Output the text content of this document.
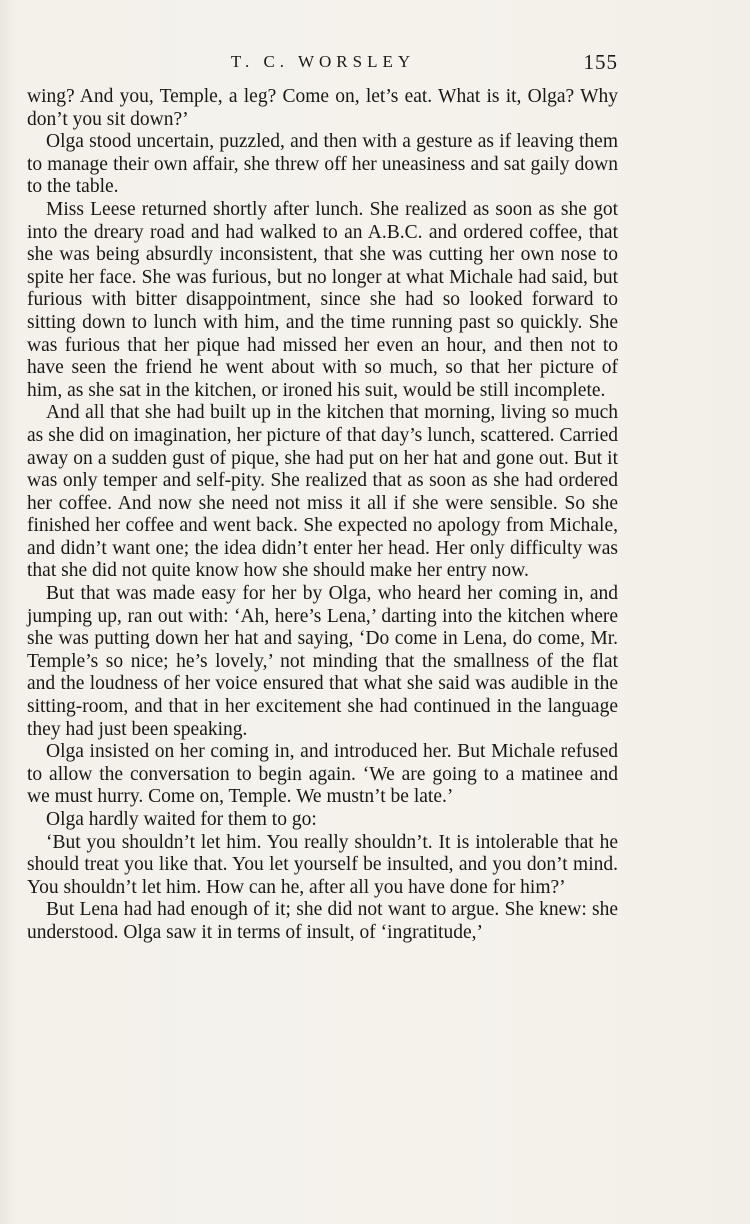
T. C. WORSLEY	155

wing? And you, Temple, a leg? Come on, let’s eat. What is it, Olga? Why don’t you sit down?’

Olga stood uncertain, puzzled, and then with a gesture as if leaving them to manage their own affair, she threw off her uneasiness and sat gaily down to the table.

Miss Leese returned shortly after lunch. She realized as soon as she got into the dreary road and had walked to an A.B.C. and ordered coffee, that she was being absurdly inconsistent, that she was cutting her own nose to spite her face. She was furious, but no longer at what Michale had said, but furious with bitter disappointment, since she had so looked forward to sitting down to lunch with him, and the time running past so quickly. She was furious that her pique had missed her even an hour, and then not to have seen the friend he went about with so much, so that her picture of him, as she sat in the kitchen, or ironed his suit, would be still incomplete.

And all that she had built up in the kitchen that morning, living so much as she did on imagination, her picture of that day’s lunch, scattered. Carried away on a sudden gust of pique, she had put on her hat and gone out. But it was only temper and self-pity. She realized that as soon as she had ordered her coffee. And now she need not miss it all if she were sensible. So she finished her coffee and went back. She expected no apology from Michale, and didn’t want one; the idea didn’t enter her head. Her only difficulty was that she did not quite know how she should make her entry now.

But that was made easy for her by Olga, who heard her coming in, and jumping up, ran out with: ‘Ah, here’s Lena,’ darting into the kitchen where she was putting down her hat and saying, ‘Do come in Lena, do come, Mr. Temple’s so nice; he’s lovely,’ not minding that the smallness of the flat and the loudness of her voice ensured that what she said was audible in the sitting-room, and that in her excitement she had continued in the language they had just been speaking.

Olga insisted on her coming in, and introduced her. But Michale refused to allow the conversation to begin again. ‘We are going to a matinee and we must hurry. Come on, Temple. We mustn’t be late.’

Olga hardly waited for them to go:

‘But you shouldn’t let him. You really shouldn’t. It is intolerable that he should treat you like that. You let yourself be insulted, and you don’t mind. You shouldn’t let him. How can he, after all you have done for him?’

But Lena had had enough of it; she did not want to argue. She knew: she understood. Olga saw it in terms of insult, of ‘ingratitude,’
